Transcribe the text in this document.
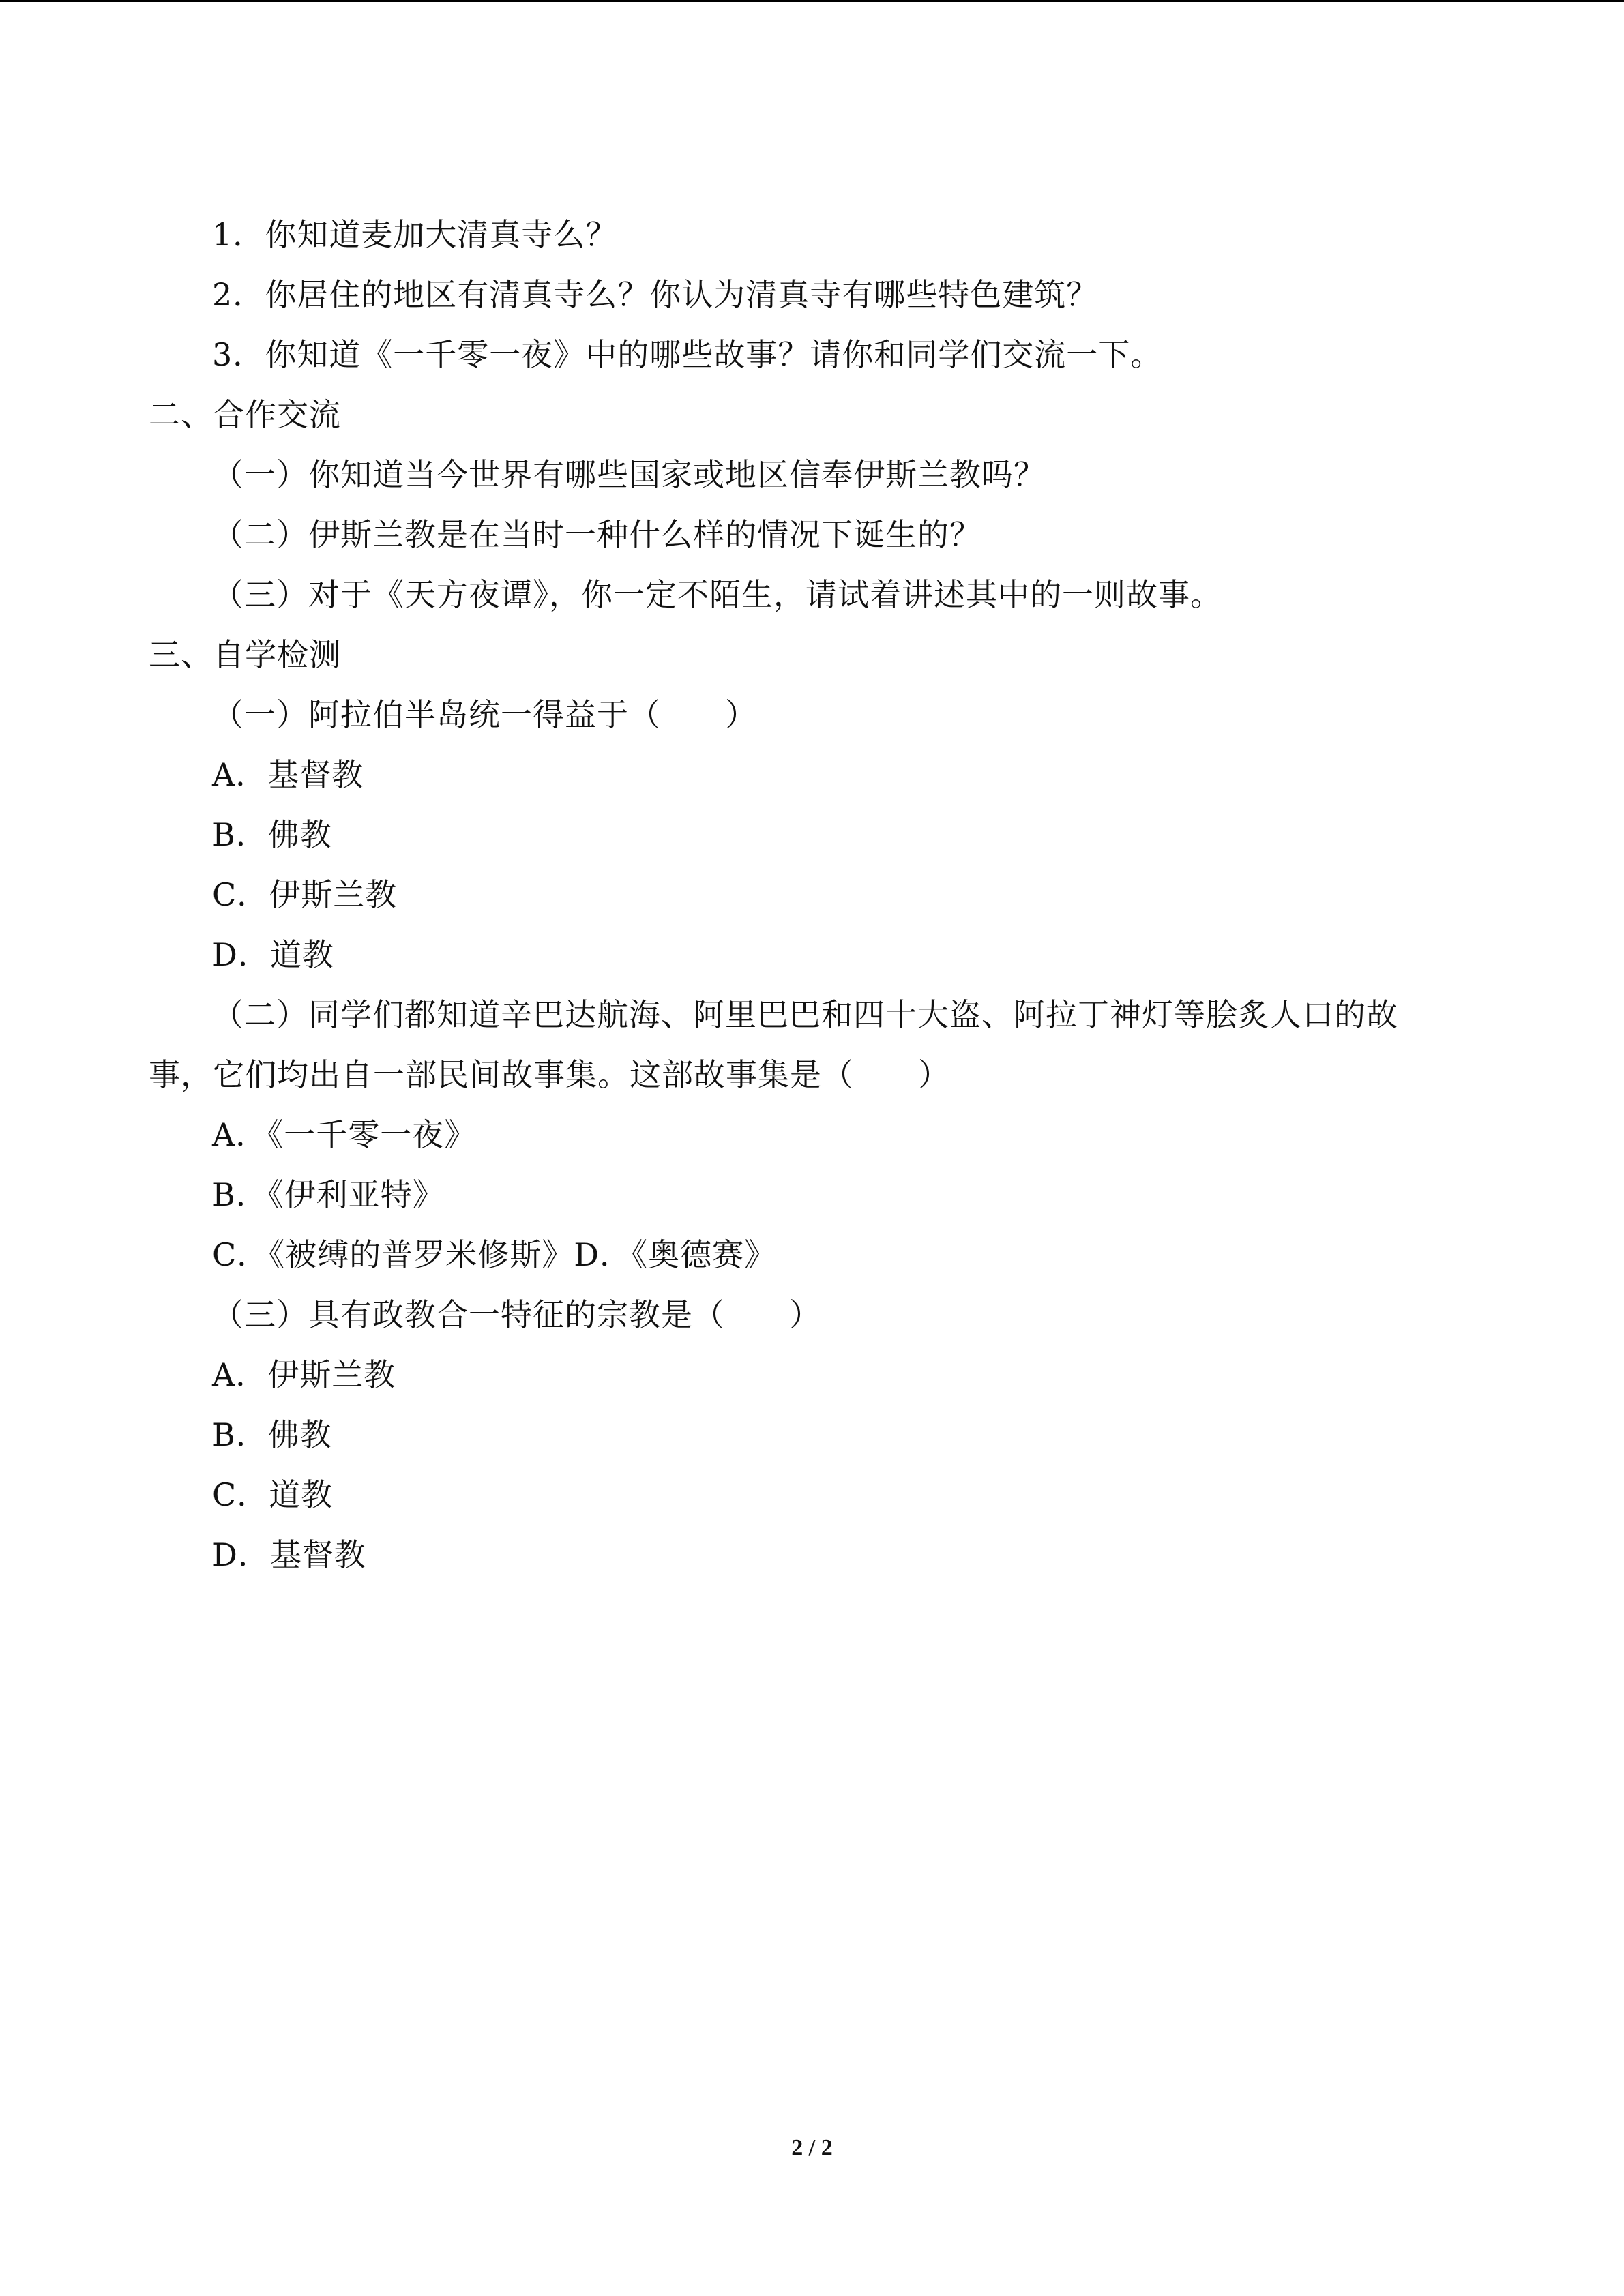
1．你知道麦加大清真寺么？
2．你居住的地区有清真寺么？你认为清真寺有哪些特色建筑？
3．你知道《一千零一夜》中的哪些故事？请你和同学们交流一下。
二、合作交流
（一）你知道当今世界有哪些国家或地区信奉伊斯兰教吗？
（二）伊斯兰教是在当时一种什么样的情况下诞生的？
（三）对于《天方夜谭》，你一定不陌生，请试着讲述其中的一则故事。
三、自学检测
（一）阿拉伯半岛统一得益于（　　）
A．基督教
B．佛教
C．伊斯兰教
D．道教
（二）同学们都知道辛巴达航海、阿里巴巴和四十大盗、阿拉丁神灯等脍炙人口的故
事，它们均出自一部民间故事集。这部故事集是（　　）
A．《一千零一夜》
B．《伊利亚特》
C．《被缚的普罗米修斯》D．《奥德赛》
（三）具有政教合一特征的宗教是（　　）
A．伊斯兰教
B．佛教
C．道教
D．基督教
2 / 2
